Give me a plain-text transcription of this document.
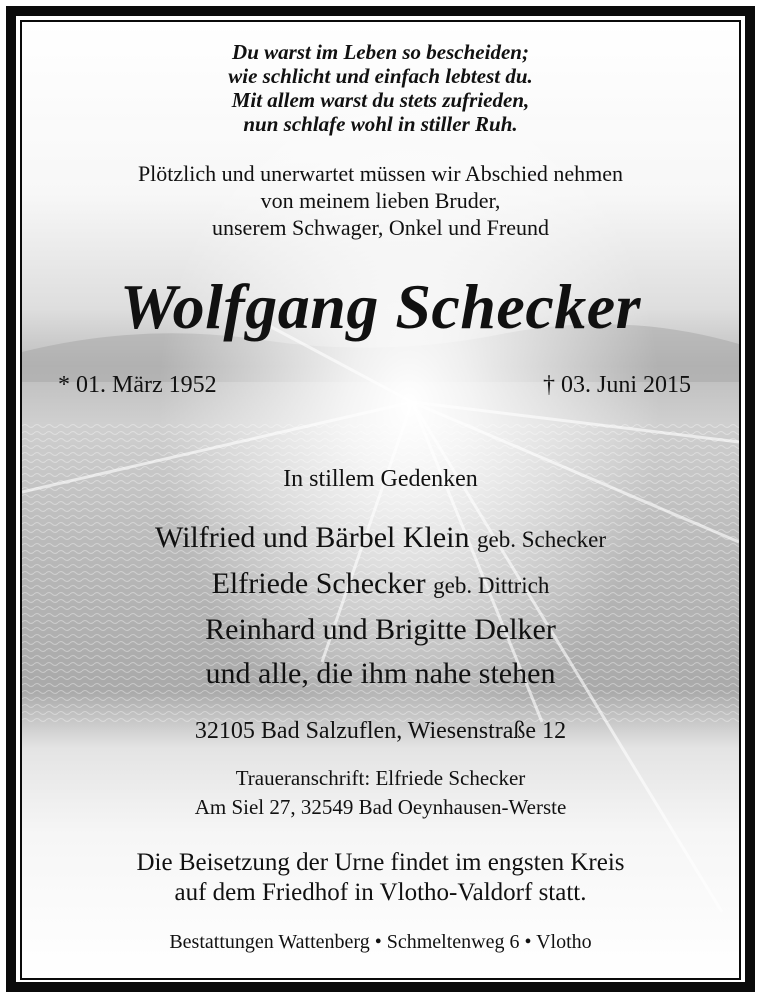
Du warst im Leben so bescheiden;
wie schlicht und einfach lebtest du.
Mit allem warst du stets zufrieden,
nun schlafe wohl in stiller Ruh.
Plötzlich und unerwartet müssen wir Abschied nehmen
von meinem lieben Bruder,
unserem Schwager, Onkel und Freund
Wolfgang Schecker
* 01. März 1952	† 03. Juni 2015
In stillem Gedenken
Wilfried und Bärbel Klein geb. Schecker
Elfriede Schecker geb. Dittrich
Reinhard und Brigitte Delker
und alle, die ihm nahe stehen
32105 Bad Salzuflen, Wiesenstraße 12
Traueranschrift: Elfriede Schecker
Am Siel 27, 32549 Bad Oeynhausen-Werste
Die Beisetzung der Urne findet im engsten Kreis
auf dem Friedhof in Vlotho-Valdorf statt.
Bestattungen Wattenberg • Schmeltenweg 6 • Vlotho
